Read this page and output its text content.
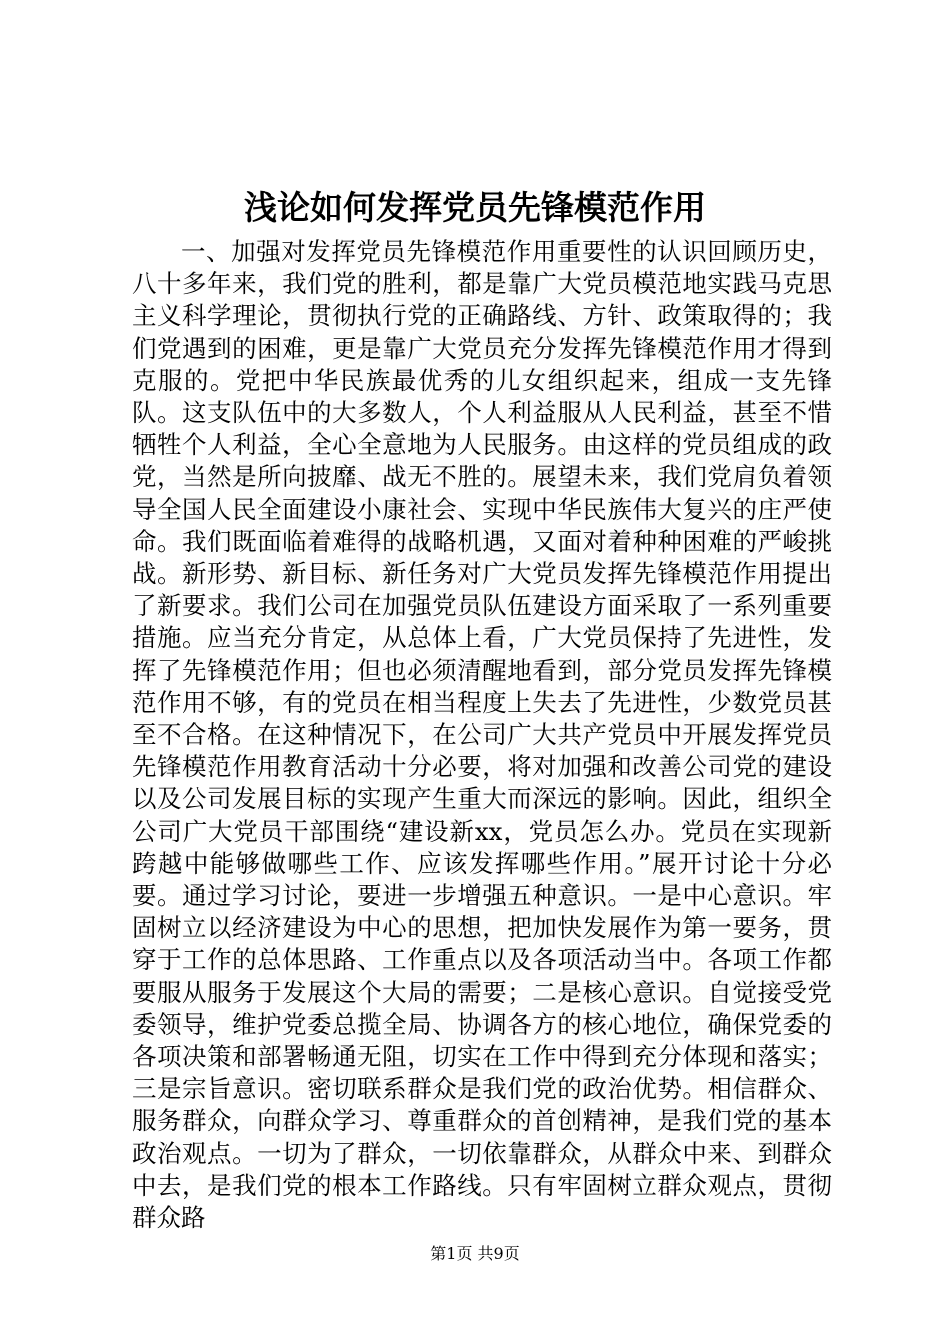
浅论如何发挥党员先锋模范作用

一、加强对发挥党员先锋模范作用重要性的认识回顾历史，八十多年来，我们党的胜利，都是靠广大党员模范地实践马克思主义科学理论，贯彻执行党的正确路线、方针、政策取得的；我们党遇到的困难，更是靠广大党员充分发挥先锋模范作用才得到克服的。党把中华民族最优秀的儿女组织起来，组成一支先锋队。这支队伍中的大多数人，个人利益服从人民利益，甚至不惜牺牲个人利益，全心全意地为人民服务。由这样的党员组成的政党，当然是所向披靡、战无不胜的。展望未来，我们党肩负着领导全国人民全面建设小康社会、实现中华民族伟大复兴的庄严使命。我们既面临着难得的战略机遇，又面对着种种困难的严峻挑战。新形势、新目标、新任务对广大党员发挥先锋模范作用提出了新要求。我们公司在加强党员队伍建设方面采取了一系列重要措施。应当充分肯定，从总体上看，广大党员保持了先进性，发挥了先锋模范作用；但也必须清醒地看到，部分党员发挥先锋模范作用不够，有的党员在相当程度上失去了先进性，少数党员甚至不合格。在这种情况下，在公司广大共产党员中开展发挥党员先锋模范作用教育活动十分必要，将对加强和改善公司党的建设以及公司发展目标的实现产生重大而深远的影响。因此，组织全公司广大党员干部围绕“建设新xx，党员怎么办。党员在实现新跨越中能够做哪些工作、应该发挥哪些作用。”展开讨论十分必要。通过学习讨论，要进一步增强五种意识。一是中心意识。牢固树立以经济建设为中心的思想，把加快发展作为第一要务，贯穿于工作的总体思路、工作重点以及各项活动当中。各项工作都要服从服务于发展这个大局的需要；二是核心意识。自觉接受党委领导，维护党委总揽全局、协调各方的核心地位，确保党委的各项决策和部署畅通无阻，切实在工作中得到充分体现和落实；三是宗旨意识。密切联系群众是我们党的政治优势。相信群众、服务群众，向群众学习、尊重群众的首创精神，是我们党的基本政治观点。一切为了群众，一切依靠群众，从群众中来、到群众中去，是我们党的根本工作路线。只有牢固树立群众观点，贯彻群众路

第1页 共9页
